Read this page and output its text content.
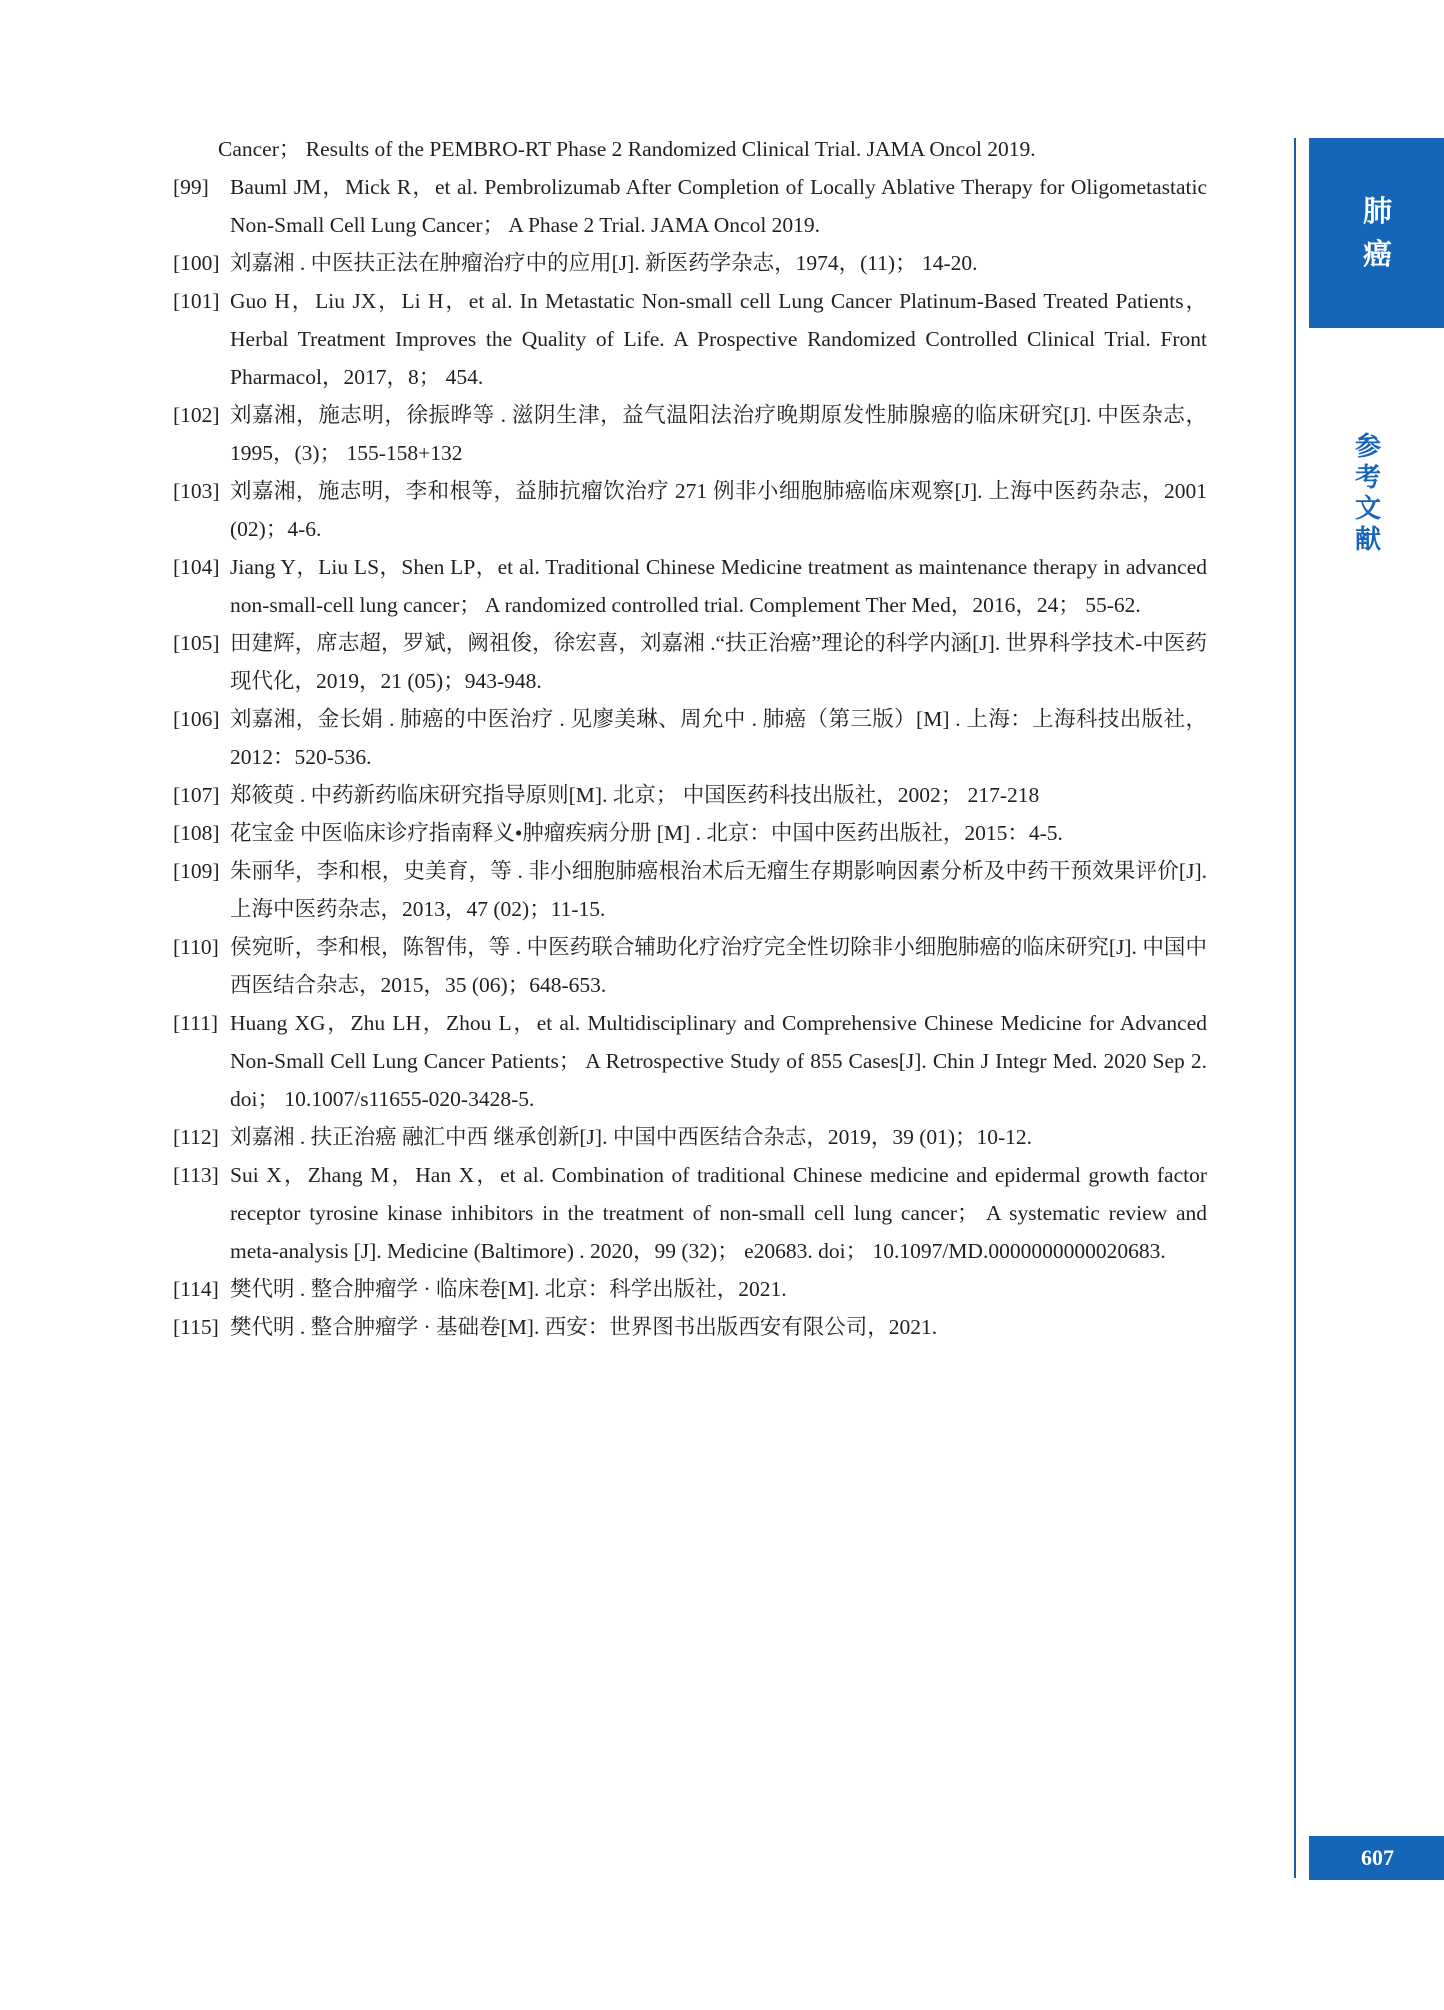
Cancer； Results of the PEMBRO-RT Phase 2 Randomized Clinical Trial. JAMA Oncol 2019.

[99] Bauml JM，Mick R，et al. Pembrolizumab After Completion of Locally Ablative Therapy for Oligometastatic Non-Small Cell Lung Cancer； A Phase 2 Trial. JAMA Oncol 2019.

[100] 刘嘉湘 . 中医扶正法在肿瘤治疗中的应用[J]. 新医药学杂志，1974，(11)； 14-20.

[101] Guo H，Liu JX，Li H，et al. In Metastatic Non-small cell Lung Cancer Platinum-Based Treated Patients，Herbal Treatment Improves the Quality of Life. A Prospective Randomized Controlled Clinical Trial. Front Pharmacol，2017，8； 454.

[102] 刘嘉湘，施志明，徐振晔等 . 滋阴生津，益气温阳法治疗晚期原发性肺腺癌的临床研究[J]. 中医杂志，1995，(3)； 155-158+132

[103] 刘嘉湘，施志明，李和根等，益肺抗瘤饮治疗 271 例非小细胞肺癌临床观察[J]. 上海中医药杂志，2001 (02)；4-6.

[104] Jiang Y，Liu LS，Shen LP，et al. Traditional Chinese Medicine treatment as maintenance therapy in advanced non-small-cell lung cancer； A randomized controlled trial. Complement Ther Med，2016，24； 55-62.

[105] 田建辉，席志超，罗斌，阙祖俊，徐宏喜，刘嘉湘 .“扶正治癌”理论的科学内涵[J]. 世界科学技术-中医药现代化，2019，21 (05)；943-948.

[106] 刘嘉湘，金长娟 . 肺癌的中医治疗 . 见廖美琳、周允中 . 肺癌（第三版）[M] . 上海：上海科技出版社，2012：520-536.

[107] 郑筱萸 . 中药新药临床研究指导原则[M]. 北京； 中国医药科技出版社，2002； 217-218

[108] 花宝金 中医临床诊疗指南释义•肿瘤疾病分册 [M] . 北京：中国中医药出版社，2015：4-5.

[109] 朱丽华，李和根，史美育，等 . 非小细胞肺癌根治术后无瘤生存期影响因素分析及中药干预效果评价[J]. 上海中医药杂志，2013，47 (02)；11-15.

[110] 侯宛昕，李和根，陈智伟，等 . 中医药联合辅助化疗治疗完全性切除非小细胞肺癌的临床研究[J]. 中国中西医结合杂志，2015，35 (06)；648-653.

[111] Huang XG，Zhu LH，Zhou L，et al. Multidisciplinary and Comprehensive Chinese Medicine for Advanced Non-Small Cell Lung Cancer Patients； A Retrospective Study of 855 Cases[J]. Chin J Integr Med. 2020 Sep 2. doi； 10.1007/s11655-020-3428-5.

[112] 刘嘉湘 . 扶正治癌 融汇中西 继承创新[J]. 中国中西医结合杂志，2019，39 (01)；10-12.

[113] Sui X，Zhang M，Han X，et al. Combination of traditional Chinese medicine and epidermal growth factor receptor tyrosine kinase inhibitors in the treatment of non-small cell lung cancer； A systematic review and meta-analysis [J]. Medicine (Baltimore) . 2020，99 (32)； e20683. doi； 10.1097/MD.0000000000020683.

[114] 樊代明 . 整合肿瘤学 · 临床卷[M]. 北京：科学出版社，2021.

[115] 樊代明 . 整合肿瘤学 · 基础卷[M]. 西安：世界图书出版西安有限公司，2021.

肺
癌
参
考
文
献
607
